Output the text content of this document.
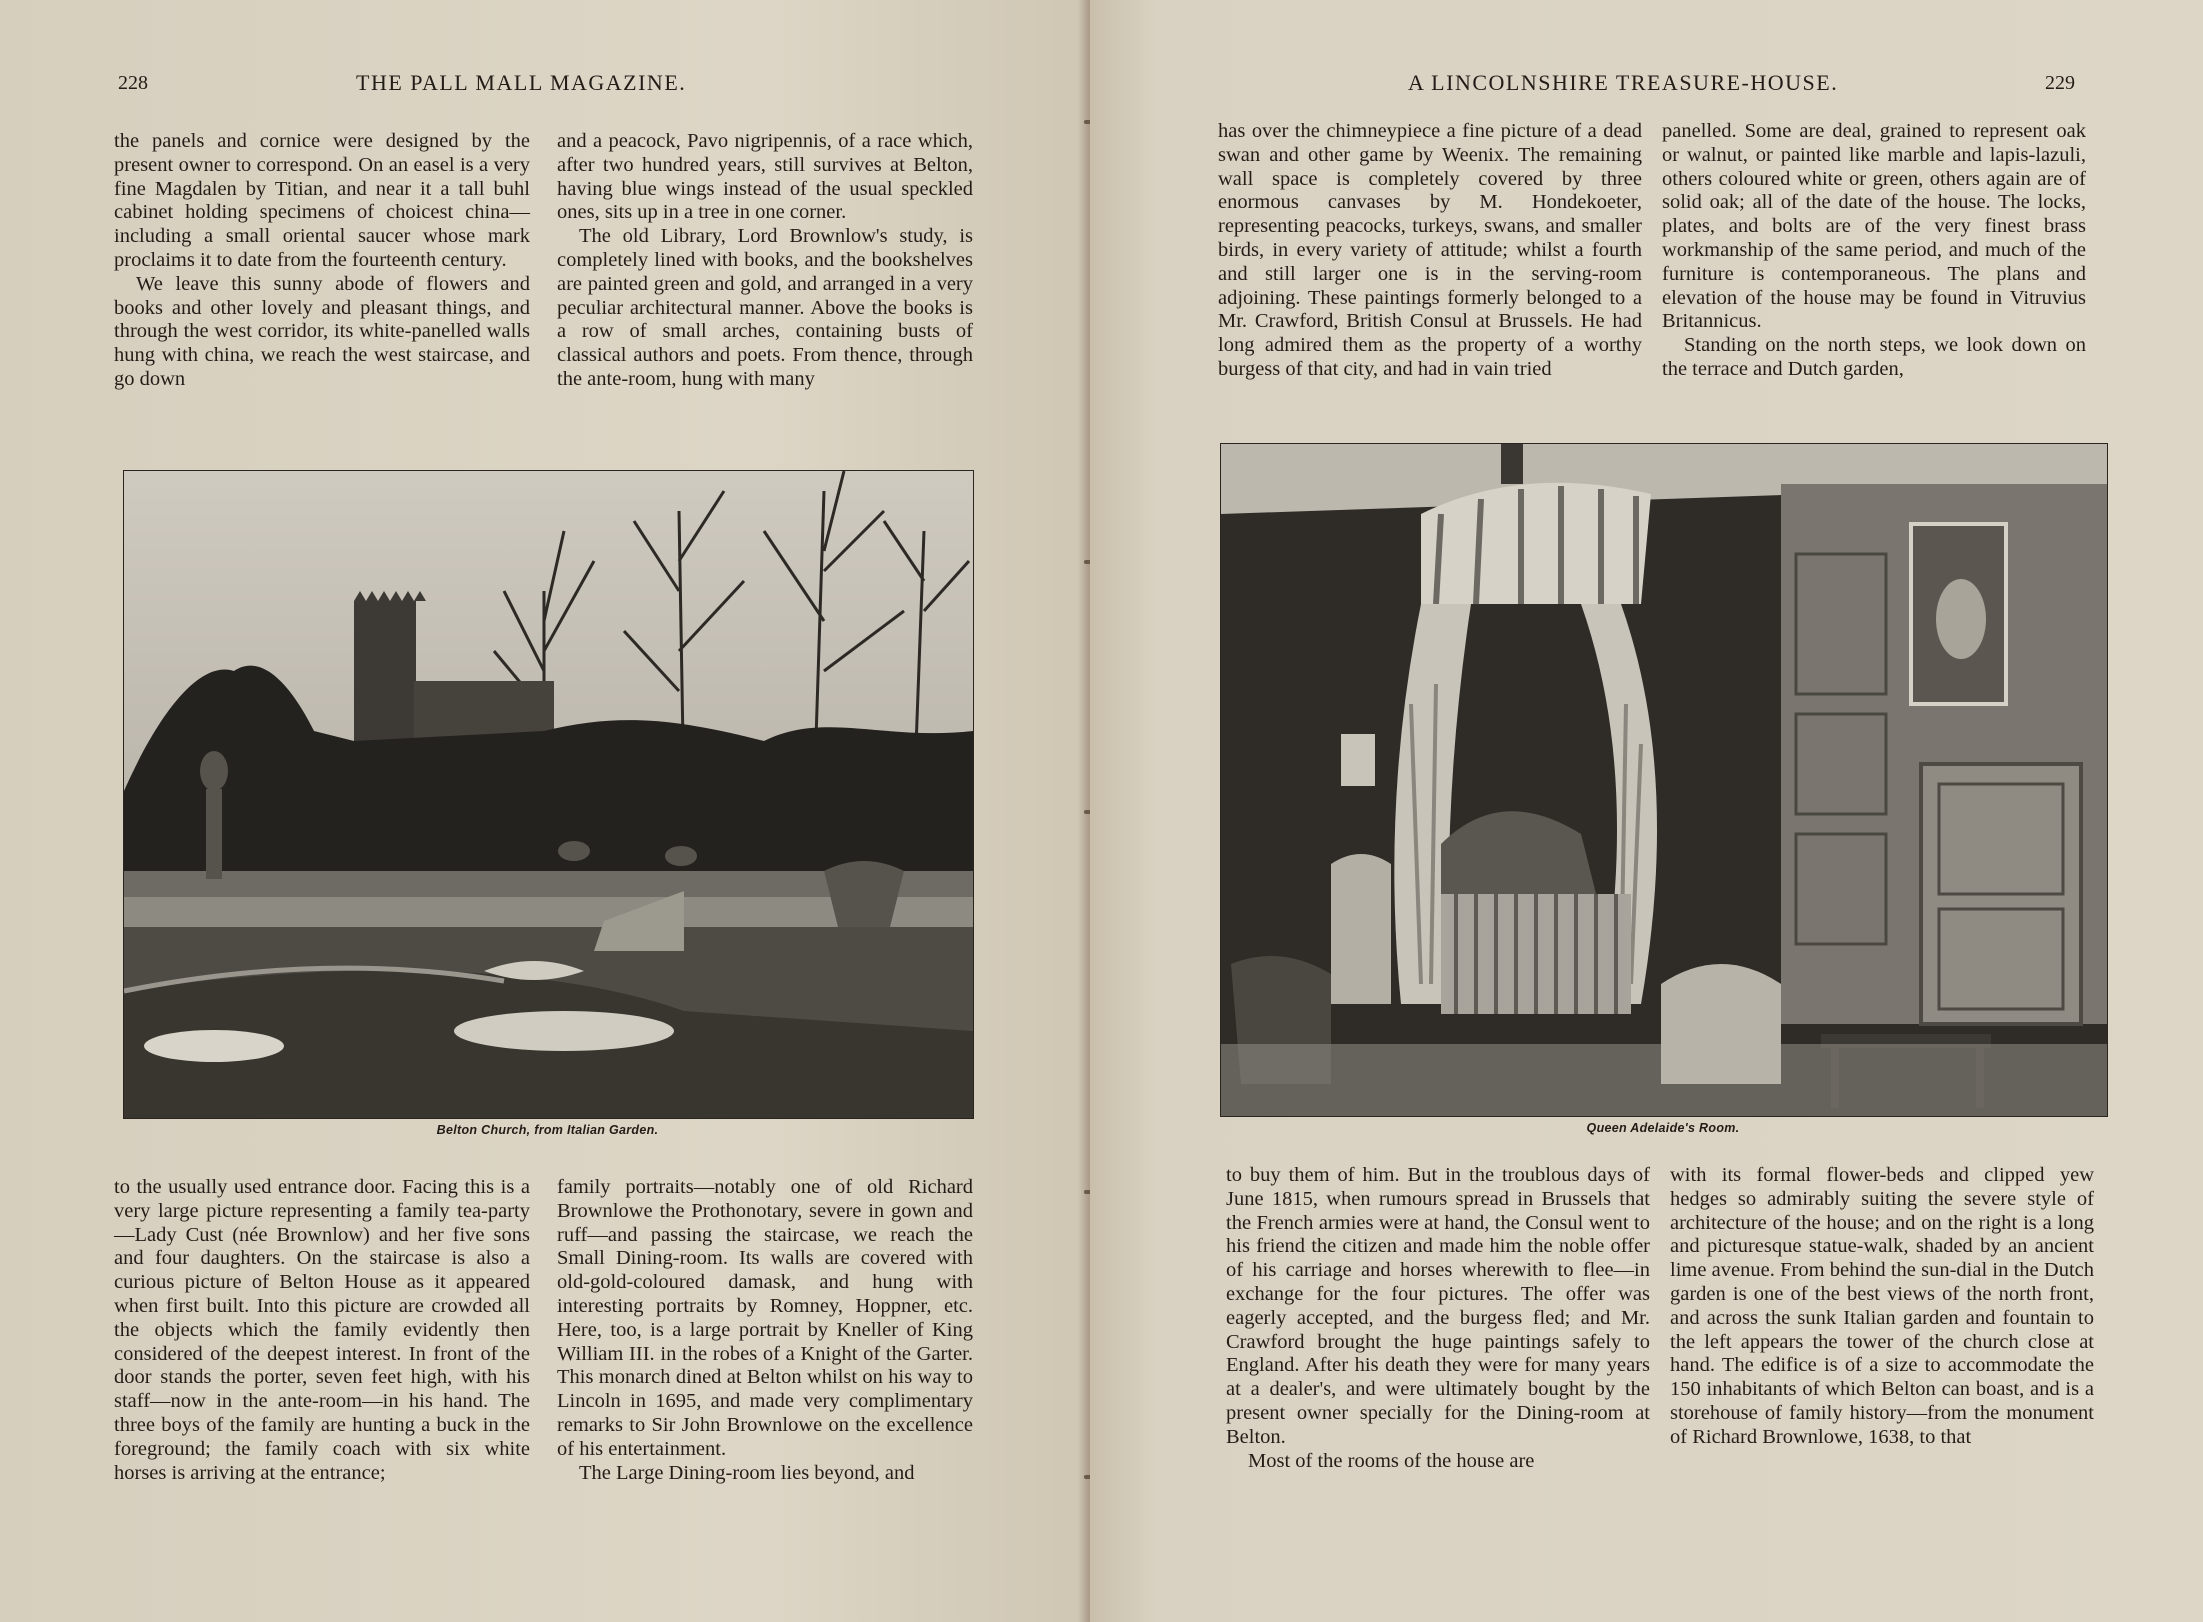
228	THE PALL MALL MAGAZINE.

the panels and cornice were designed by the present owner to correspond. On an easel is a very fine Magdalen by Titian, and near it a tall buhl cabinet holding specimens of choicest china—including a small oriental saucer whose mark proclaims it to date from the fourteenth century.

We leave this sunny abode of flowers and books and other lovely and pleasant things, and through the west corridor, its white-panelled walls hung with china, we reach the west staircase, and go down

and a peacock, Pavo nigripennis, of a race which, after two hundred years, still survives at Belton, having blue wings instead of the usual speckled ones, sits up in a tree in one corner.

The old Library, Lord Brownlow's study, is completely lined with books, and the bookshelves are painted green and gold, and arranged in a very peculiar architectural manner. Above the books is a row of small arches, containing busts of classical authors and poets. From thence, through the ante-room, hung with many

Belton Church, from Italian Garden.

to the usually used entrance door. Facing this is a very large picture representing a family tea-party—Lady Cust (née Brownlow) and her five sons and four daughters. On the staircase is also a curious picture of Belton House as it appeared when first built. Into this picture are crowded all the objects which the family evidently then considered of the deepest interest. In front of the door stands the porter, seven feet high, with his staff—now in the ante-room—in his hand. The three boys of the family are hunting a buck in the foreground; the family coach with six white horses is arriving at the entrance;

family portraits—notably one of old Richard Brownlowe the Prothonotary, severe in gown and ruff—and passing the staircase, we reach the Small Dining-room. Its walls are covered with old-gold-coloured damask, and hung with interesting portraits by Romney, Hoppner, etc. Here, too, is a large portrait by Kneller of King William III. in the robes of a Knight of the Garter. This monarch dined at Belton whilst on his way to Lincoln in 1695, and made very complimentary remarks to Sir John Brownlowe on the excellence of his entertainment.

The Large Dining-room lies beyond, and

A LINCOLNSHIRE TREASURE-HOUSE.	229

has over the chimneypiece a fine picture of a dead swan and other game by Weenix. The remaining wall space is completely covered by three enormous canvases by M. Hondekoeter, representing peacocks, turkeys, swans, and smaller birds, in every variety of attitude; whilst a fourth and still larger one is in the serving-room adjoining. These paintings formerly belonged to a Mr. Crawford, British Consul at Brussels. He had long admired them as the property of a worthy burgess of that city, and had in vain tried

panelled. Some are deal, grained to represent oak or walnut, or painted like marble and lapis-lazuli, others coloured white or green, others again are of solid oak; all of the date of the house. The locks, plates, and bolts are of the very finest brass workmanship of the same period, and much of the furniture is contemporaneous. The plans and elevation of the house may be found in Vitruvius Britannicus.

Standing on the north steps, we look down on the terrace and Dutch garden,

Queen Adelaide's Room.

to buy them of him. But in the troublous days of June 1815, when rumours spread in Brussels that the French armies were at hand, the Consul went to his friend the citizen and made him the noble offer of his carriage and horses wherewith to flee—in exchange for the four pictures. The offer was eagerly accepted, and the burgess fled; and Mr. Crawford brought the huge paintings safely to England. After his death they were for many years at a dealer's, and were ultimately bought by the present owner specially for the Dining-room at Belton.

Most of the rooms of the house are

with its formal flower-beds and clipped yew hedges so admirably suiting the severe style of architecture of the house; and on the right is a long and picturesque statue-walk, shaded by an ancient lime avenue. From behind the sun-dial in the Dutch garden is one of the best views of the north front, and across the sunk Italian garden and fountain to the left appears the tower of the church close at hand. The edifice is of a size to accommodate the 150 inhabitants of which Belton can boast, and is a storehouse of family history—from the monument of Richard Brownlowe, 1638, to that
